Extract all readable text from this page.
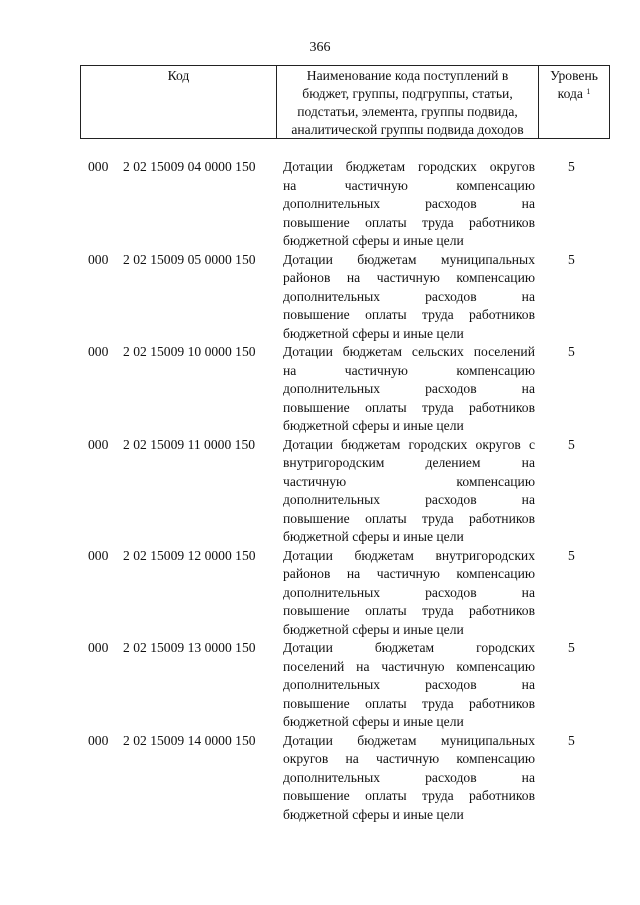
366
Код	Наименование кода поступлений в
бюджет, группы, подгруппы, статьи,
подстатьи, элемента, группы подвида,
аналитической группы подвида доходов
Уровень
кода $^1$
000 2 02 15009 04 0000 150 Дотации бюджетам городских округов
на частичную компенсацию
дополнительных расходов на
повышение оплаты труда работников
бюджетной сферы и иные цели
5
000 2 02 15009 05 0000 150 Дотации бюджетам муниципальных
районов на частичную компенсацию
дополнительных расходов на
повышение оплаты труда работников
бюджетной сферы и иные цели
5
000 2 02 15009 10 0000 150 Дотации бюджетам сельских поселений
на частичную компенсацию
дополнительных расходов на
повышение оплаты труда работников
бюджетной сферы и иные цели
5
000 2 02 15009 11 0000 150 Дотации бюджетам городских округов с
внутригородским делением на
частичную компенсацию
дополнительных расходов на
повышение оплаты труда работников
бюджетной сферы и иные цели
5
000 2 02 15009 12 0000 150 Дотации бюджетам внутригородских
районов на частичную компенсацию
дополнительных расходов на
повышение оплаты труда работников
бюджетной сферы и иные цели
5
000 2 02 15009 13 0000 150 Дотации бюджетам городских
поселений на частичную компенсацию
дополнительных расходов на
повышение оплаты труда работников
бюджетной сферы и иные цели
5
000 2 02 15009 14 0000 150 Дотации бюджетам муниципальных
округов на частичную компенсацию
дополнительных расходов на
повышение оплаты труда работников
бюджетной сферы и иные цели
5
